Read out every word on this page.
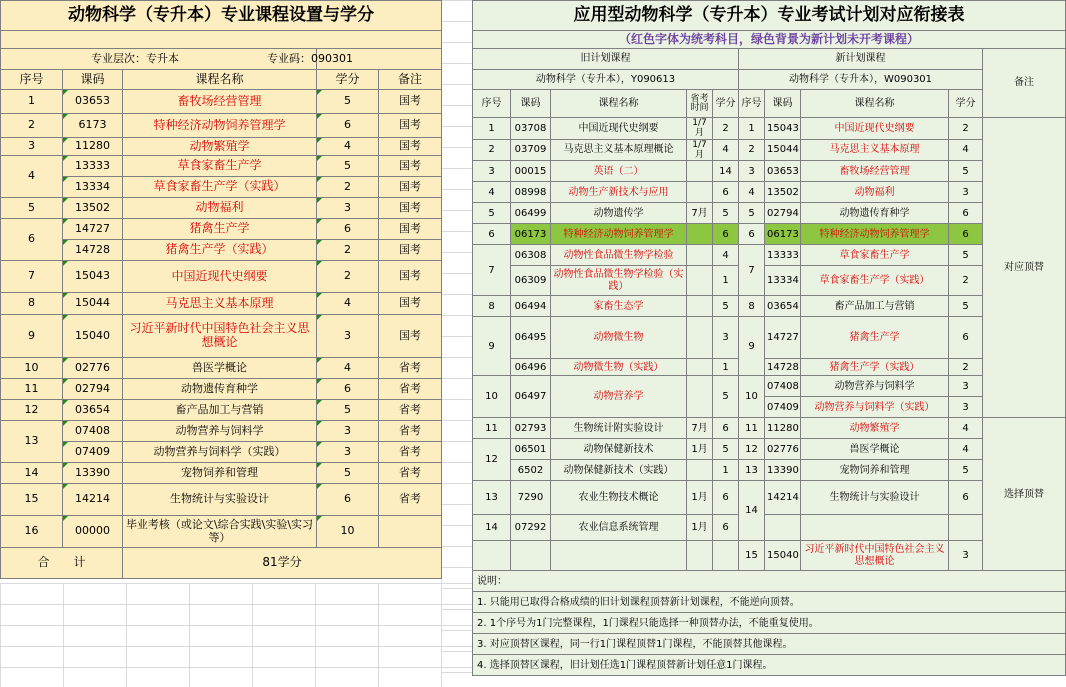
动物科学（专升本）专业课程设置与学分				

专业层次：专升本			专业码：090301	
序号	课码	课程名称	学分	备注
1	03653	畜牧场经营管理	5	国考
2	6173	特种经济动物饲养管理学	6	国考
3	11280	动物繁殖学	4	国考
4	13333	草食家畜生产学	5	国考
	13334	草食家畜生产学（实践）	2	国考
5	13502	动物福利	3	国考
6	14727	猪禽生产学	6	国考
	14728	猪禽生产学（实践）	2	国考
7	15043	中国近现代史纲要	2	国考
8	15044	马克思主义基本原理	4	国考
9	15040	习近平新时代中国特色社会主义思想概论	3	国考
10	02776	兽医学概论	4	省考
11	02794	动物遗传育种学	6	省考
12	03654	畜产品加工与营销	5	省考
13	07408	动物营养与饲料学	3	省考
	07409	动物营养与饲料学（实践）	3	省考
14	13390	宠物饲养和管理	5	省考
15	14214	生物统计与实验设计	6	省考
16	00000	毕业考核（或论文\综合实践\实验\实习等）	10	
合　　计		81学分		
应用型动物科学（专升本）专业考试计划对应衔接表									
（红色字体为统考科目，绿色背景为新计划未开考课程）									
旧计划课程					新计划课程				备注
动物科学（专升本），Y090613					动物科学（专升本），W090301				
序号	课码	课程名称	省考时间	学分	序号	课码	课程名称	学分	
1	03708	中国近现代史纲要	1/7月	2	1	15043	中国近现代史纲要	2	对应顶替
2	03709	马克思主义基本原理概论	1/7月	4	2	15044	马克思主义基本原理	4	
3	00015	英语（二）		14	3	03653	畜牧场经营管理	5	
4	08998	动物生产新技术与应用		6	4	13502	动物福利	3	
5	06499	动物遗传学	7月	5	5	02794	动物遗传育种学	6	
6	06173	特种经济动物饲养管理学		6	6	06173	特种经济动物饲养管理学	6	
7	06308	动物性食品微生物学检验		4	7	13333	草食家畜生产学	5	
	06309	动物性食品微生物学检验（实践）		1		13334	草食家畜生产学（实践）	2	
8	06494	家畜生态学		5	8	03654	畜产品加工与营销	5	
9	06495	动物微生物		3	9	14727	猪禽生产学	6	
	06496	动物微生物（实践）		1		14728	猪禽生产学（实践）	2	
10	06497	动物营养学		5	10	07408	动物营养与饲料学	3	
						07409	动物营养与饲料学（实践）	3	
11	02793	生物统计附实验设计	7月	6	11	11280	动物繁殖学	4	选择顶替
12	06501	动物保健新技术	1月	5	12	02776	兽医学概论	4	
	6502	动物保健新技术（实践）		1	13	13390	宠物饲养和管理	5	
13	7290	农业生物技术概论	1月	6	14	14214	生物统计与实验设计	6	
14	07292	农业信息系统管理	1月	6					
					15	15040	习近平新时代中国特色社会主义思想概论	3	
说明：									
1. 只能用已取得合格成绩的旧计划课程顶替新计划课程，不能逆向顶替。									
2. 1个序号为1门完整课程，1门课程只能选择一种顶替办法，不能重复使用。									
3. 对应顶替区课程，同一行1门课程顶替1门课程，不能顶替其他课程。									
4. 选择顶替区课程，旧计划任选1门课程顶替新计划任意1门课程。									
